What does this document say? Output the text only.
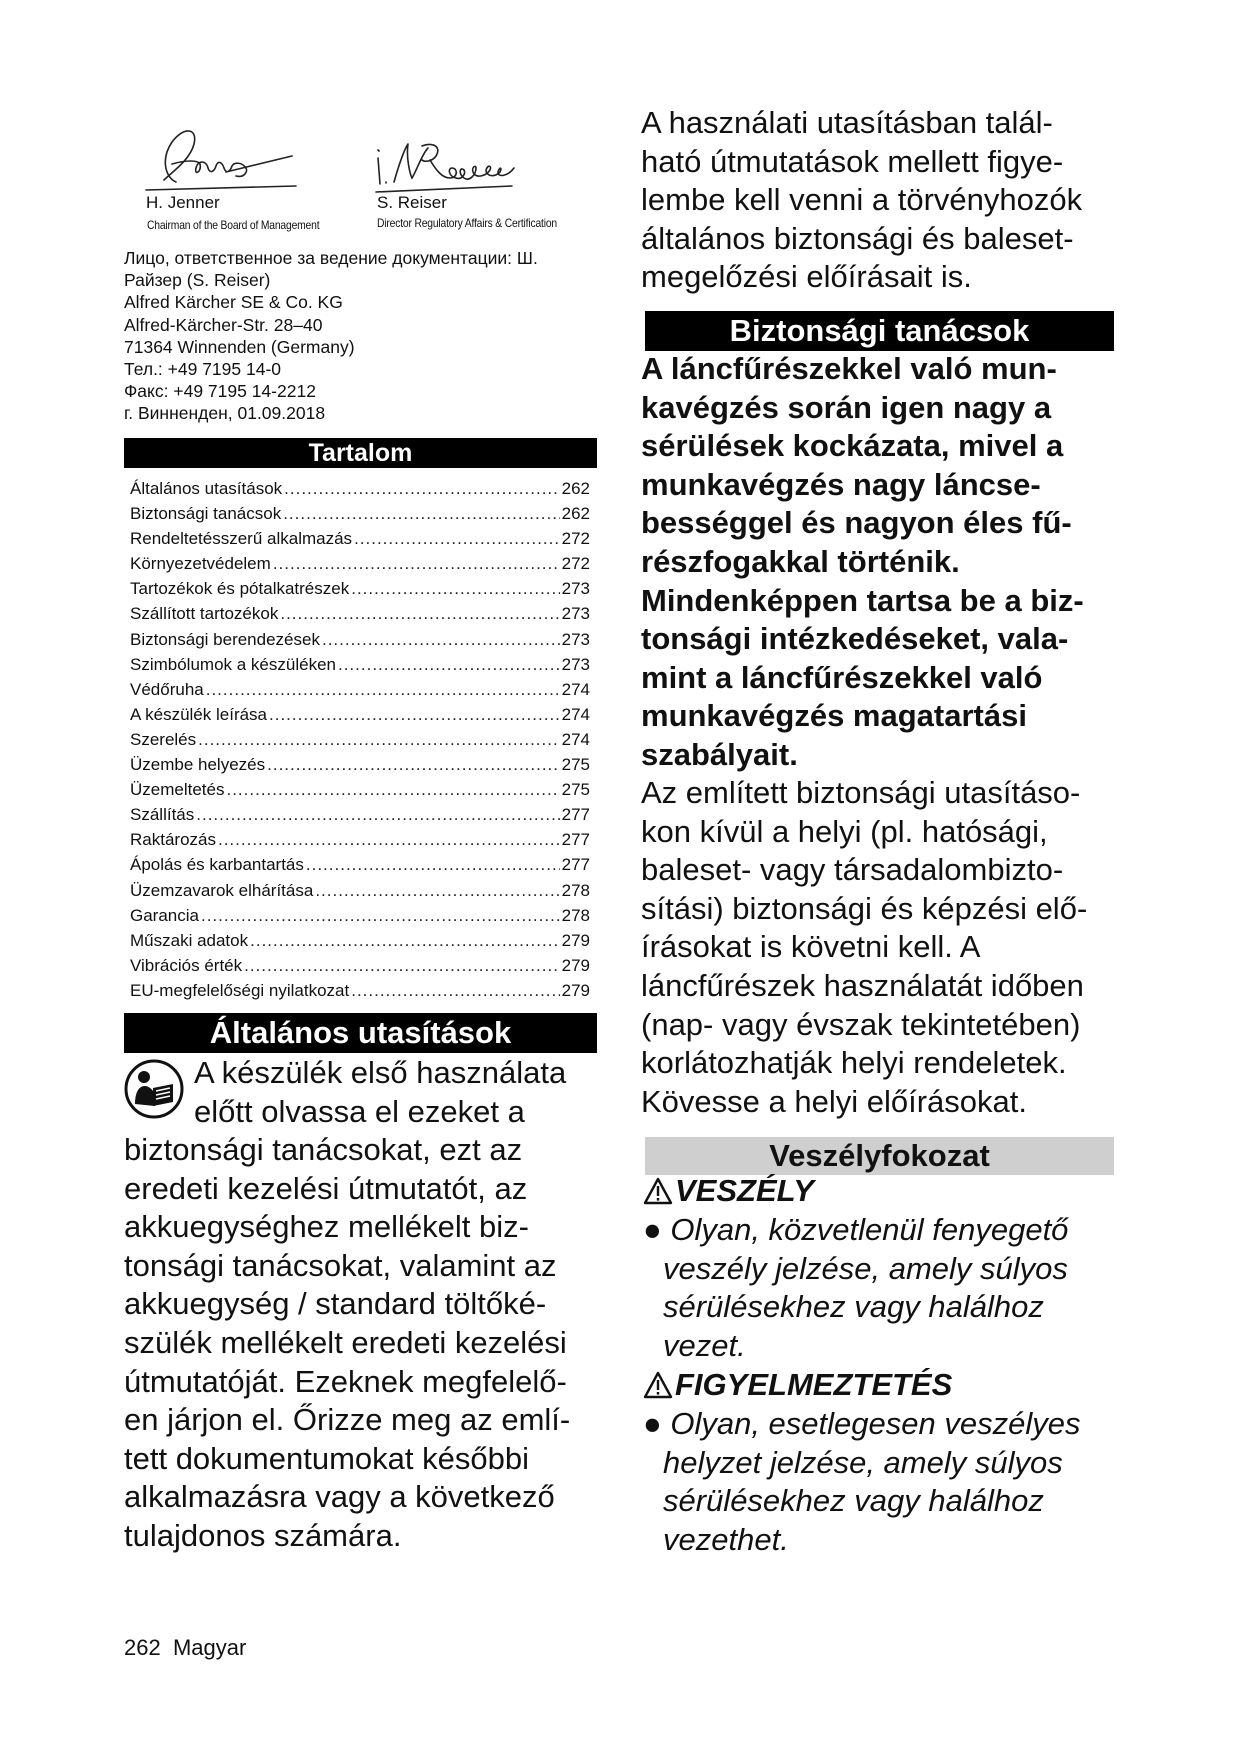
H. Jenner
Chairman of the Board of Management
S. Reiser
Director Regulatory Affairs & Certification
Лицо, ответственное за ведение документации: Ш.
Райзер (S. Reiser)
Alfred Kärcher SE & Co. KG
Alfred-Kärcher-Str. 28–40
71364 Winnenden (Germany)
Тел.: +49 7195 14-0
Факс: +49 7195 14-2212
г. Винненден, 01.09.2018
Tartalom
Általános utasítások .....	262
Biztonsági tanácsok .....	262
Rendeltetésszerű alkalmazás .....	272
Környezetvédelem .....	272
Tartozékok és pótalkatrészek .....	273
Szállított tartozékok .....	273
Biztonsági berendezések .....	273
Szimbólumok a készüléken .....	273
Védőruha .....	274
A készülék leírása .....	274
Szerelés .....	274
Üzembe helyezés .....	275
Üzemeltetés .....	275
Szállítás .....	277
Raktározás .....	277
Ápolás és karbantartás .....	277
Üzemzavarok elhárítása .....	278
Garancia .....	278
Műszaki adatok .....	279
Vibrációs érték .....	279
EU-megfelelőségi nyilatkozat .....	279
Általános utasítások
A készülék első használata
előtt olvassa el ezeket a
biztonsági tanácsokat, ezt az
eredeti kezelési útmutatót, az
akkuegységhez mellékelt biz-
tonsági tanácsokat, valamint az
akkuegység / standard töltőké-
szülék mellékelt eredeti kezelési
útmutatóját. Ezeknek megfelelő-
en járjon el. Őrizze meg az emlí-
tett dokumentumokat későbbi
alkalmazásra vagy a következő
tulajdonos számára.
262 Magyar
A használati utasításban talál-
ható útmutatások mellett figye-
lembe kell venni a törvényhozók
általános biztonsági és baleset-
megelőzési előírásait is.
Biztonsági tanácsok
A láncfűrészekkel való mun-
kavégzés során igen nagy a
sérülések kockázata, mivel a
munkavégzés nagy láncse-
bességgel és nagyon éles fű-
részfogakkal történik.
Mindenképpen tartsa be a biz-
tonsági intézkedéseket, vala-
mint a láncfűrészekkel való
munkavégzés magatartási
szabályait.
Az említett biztonsági utasításo-
kon kívül a helyi (pl. hatósági,
baleset- vagy társadalombizto-
sítási) biztonsági és képzési elő-
írásokat is követni kell. A
láncfűrészek használatát időben
(nap- vagy évszak tekintetében)
korlátozhatják helyi rendeletek.
Kövesse a helyi előírásokat.
Veszélyfokozat
VESZÉLY
● Olyan, közvetlenül fenyegető
veszély jelzése, amely súlyos
sérülésekhez vagy halálhoz
vezet.
FIGYELMEZTETÉS
● Olyan, esetlegesen veszélyes
helyzet jelzése, amely súlyos
sérülésekhez vagy halálhoz
vezethet.
